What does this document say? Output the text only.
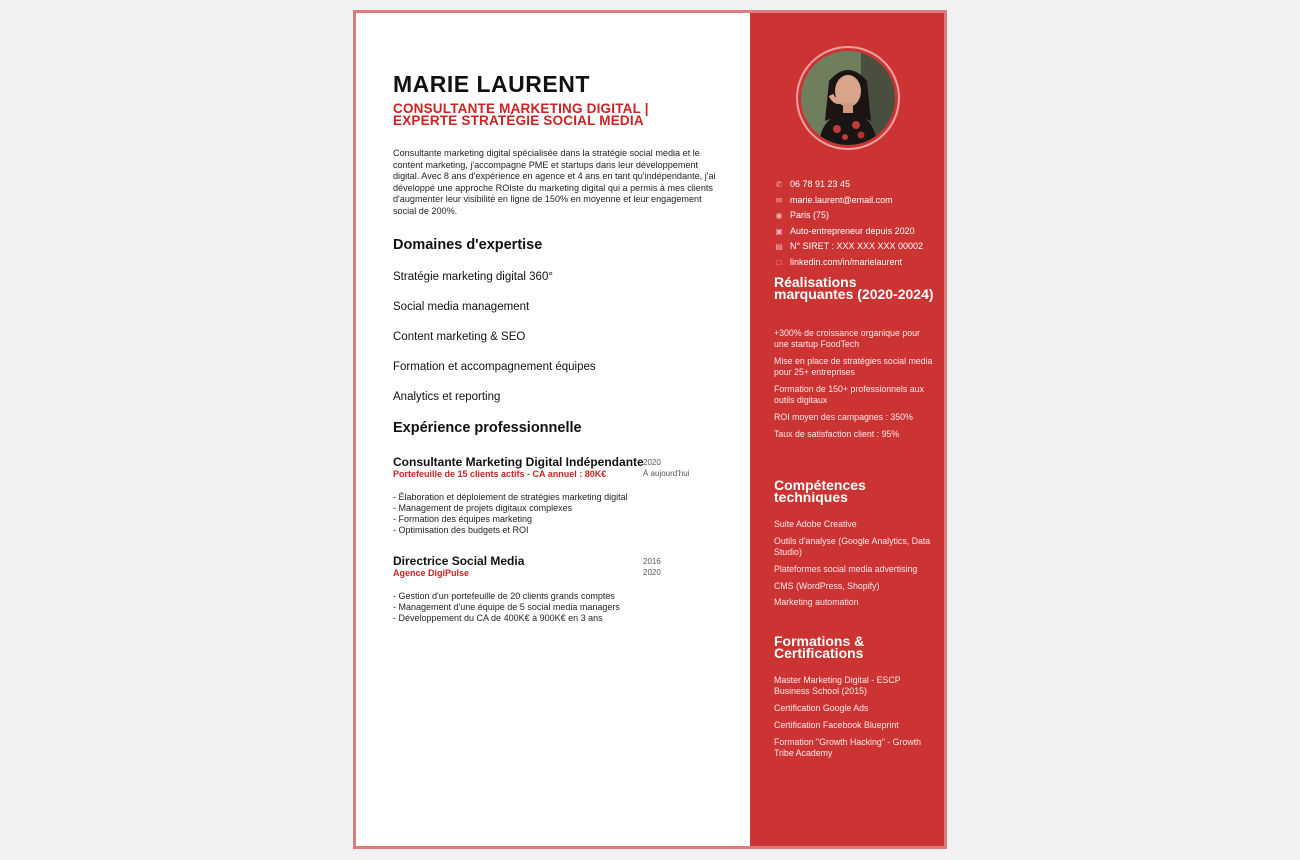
MARIE LAURENT

CONSULTANTE MARKETING DIGITAL | EXPERTE STRATÉGIE SOCIAL MEDIA

Consultante marketing digital spécialisée dans la stratégie social media et le content marketing, j'accompagne PME et startups dans leur développement digital. Avec 8 ans d'expérience en agence et 4 ans en tant qu'indépendante, j'ai développé une approche ROIste du marketing digital qui a permis à mes clients d'augmenter leur visibilité en ligne de 150% en moyenne et leur engagement social de 200%.

Domaines d'expertise
Stratégie marketing digital 360°
Social media management
Content marketing & SEO
Formation et accompagnement équipes
Analytics et reporting
Expérience professionnelle
Consultante Marketing Digital Indépendante
Portefeuille de 15 clients actifs - CA annuel : 80K€
2020
À aujourd'hui
- Élaboration et déploiement de stratégies marketing digital
- Management de projets digitaux complexes
- Formation des équipes marketing
- Optimisation des budgets et ROI
Directrice Social Media
Agence DigiPulse
2016
2020
- Gestion d'un portefeuille de 20 clients grands comptes
- Management d'une équipe de 5 social media managers
- Développement du CA de 400K€ à 900K€ en 3 ans
✆ 06 78 91 23 45
✉ marie.laurent@email.com
◉ Paris (75)
▣ Auto-entrepreneur depuis 2020
▤ N° SIRET : XXX XXX XXX 00002
□ linkedin.com/in/marielaurent
Réalisations marquantes (2020-2024)
+300% de croissance organique pour une startup FoodTech
Mise en place de stratégies social media pour 25+ entreprises
Formation de 150+ professionnels aux outils digitaux
ROI moyen des campagnes : 350%
Taux de satisfaction client : 95%
Compétences techniques
Suite Adobe Creative
Outils d'analyse (Google Analytics, Data Studio)
Plateformes social media advertising
CMS (WordPress, Shopify)
Marketing automation
Formations & Certifications
Master Marketing Digital - ESCP Business School (2015)
Certification Google Ads
Certification Facebook Blueprint
Formation "Growth Hacking" - Growth Tribe Academy
